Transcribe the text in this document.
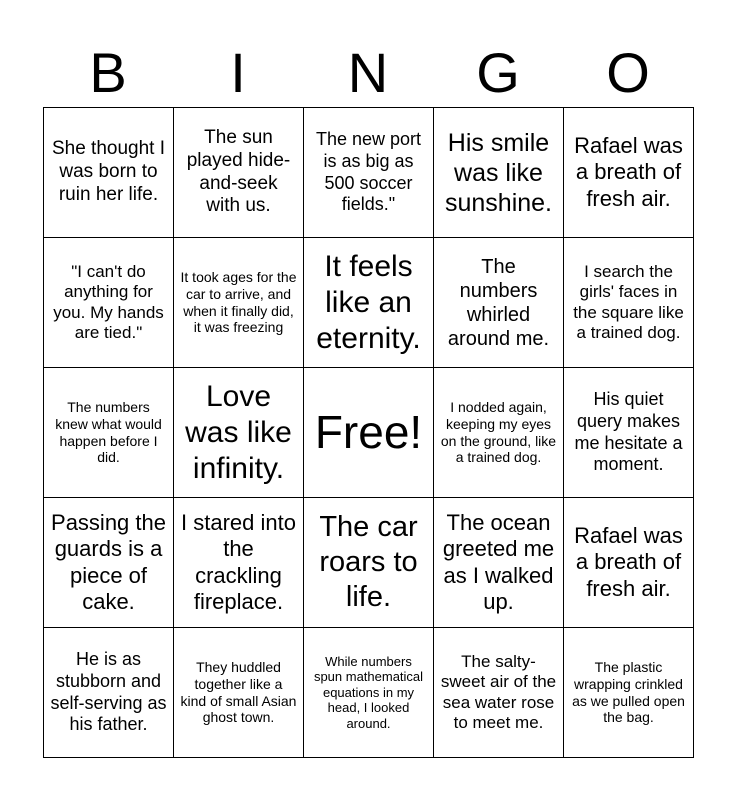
B	I	N	G	O
She thought I was born to ruin her life.	The sun played hide-and-seek with us.	The new port is as big as 500 soccer fields."	His smile was like sunshine.	Rafael was a breath of fresh air.

"I can't do anything for you. My hands are tied."	It took ages for the car to arrive, and when it finally did, it was freezing	It feels like an eternity.	The numbers whirled around me.	I search the girls' faces in the square like a trained dog.

The numbers knew what would happen before I did.	Love was like infinity.	Free!	I nodded again, keeping my eyes on the ground, like a trained dog.	His quiet query makes me hesitate a moment.

Passing the guards is a piece of cake.	I stared into the crackling fireplace.	The car roars to life.	The ocean greeted me as I walked up.	Rafael was a breath of fresh air.

He is as stubborn and self-serving as his father.	They huddled together like a kind of small Asian ghost town.	While numbers spun mathematical equations in my head, I looked around.	The salty-sweet air of the sea water rose to meet me.	The plastic wrapping crinkled as we pulled open the bag.
